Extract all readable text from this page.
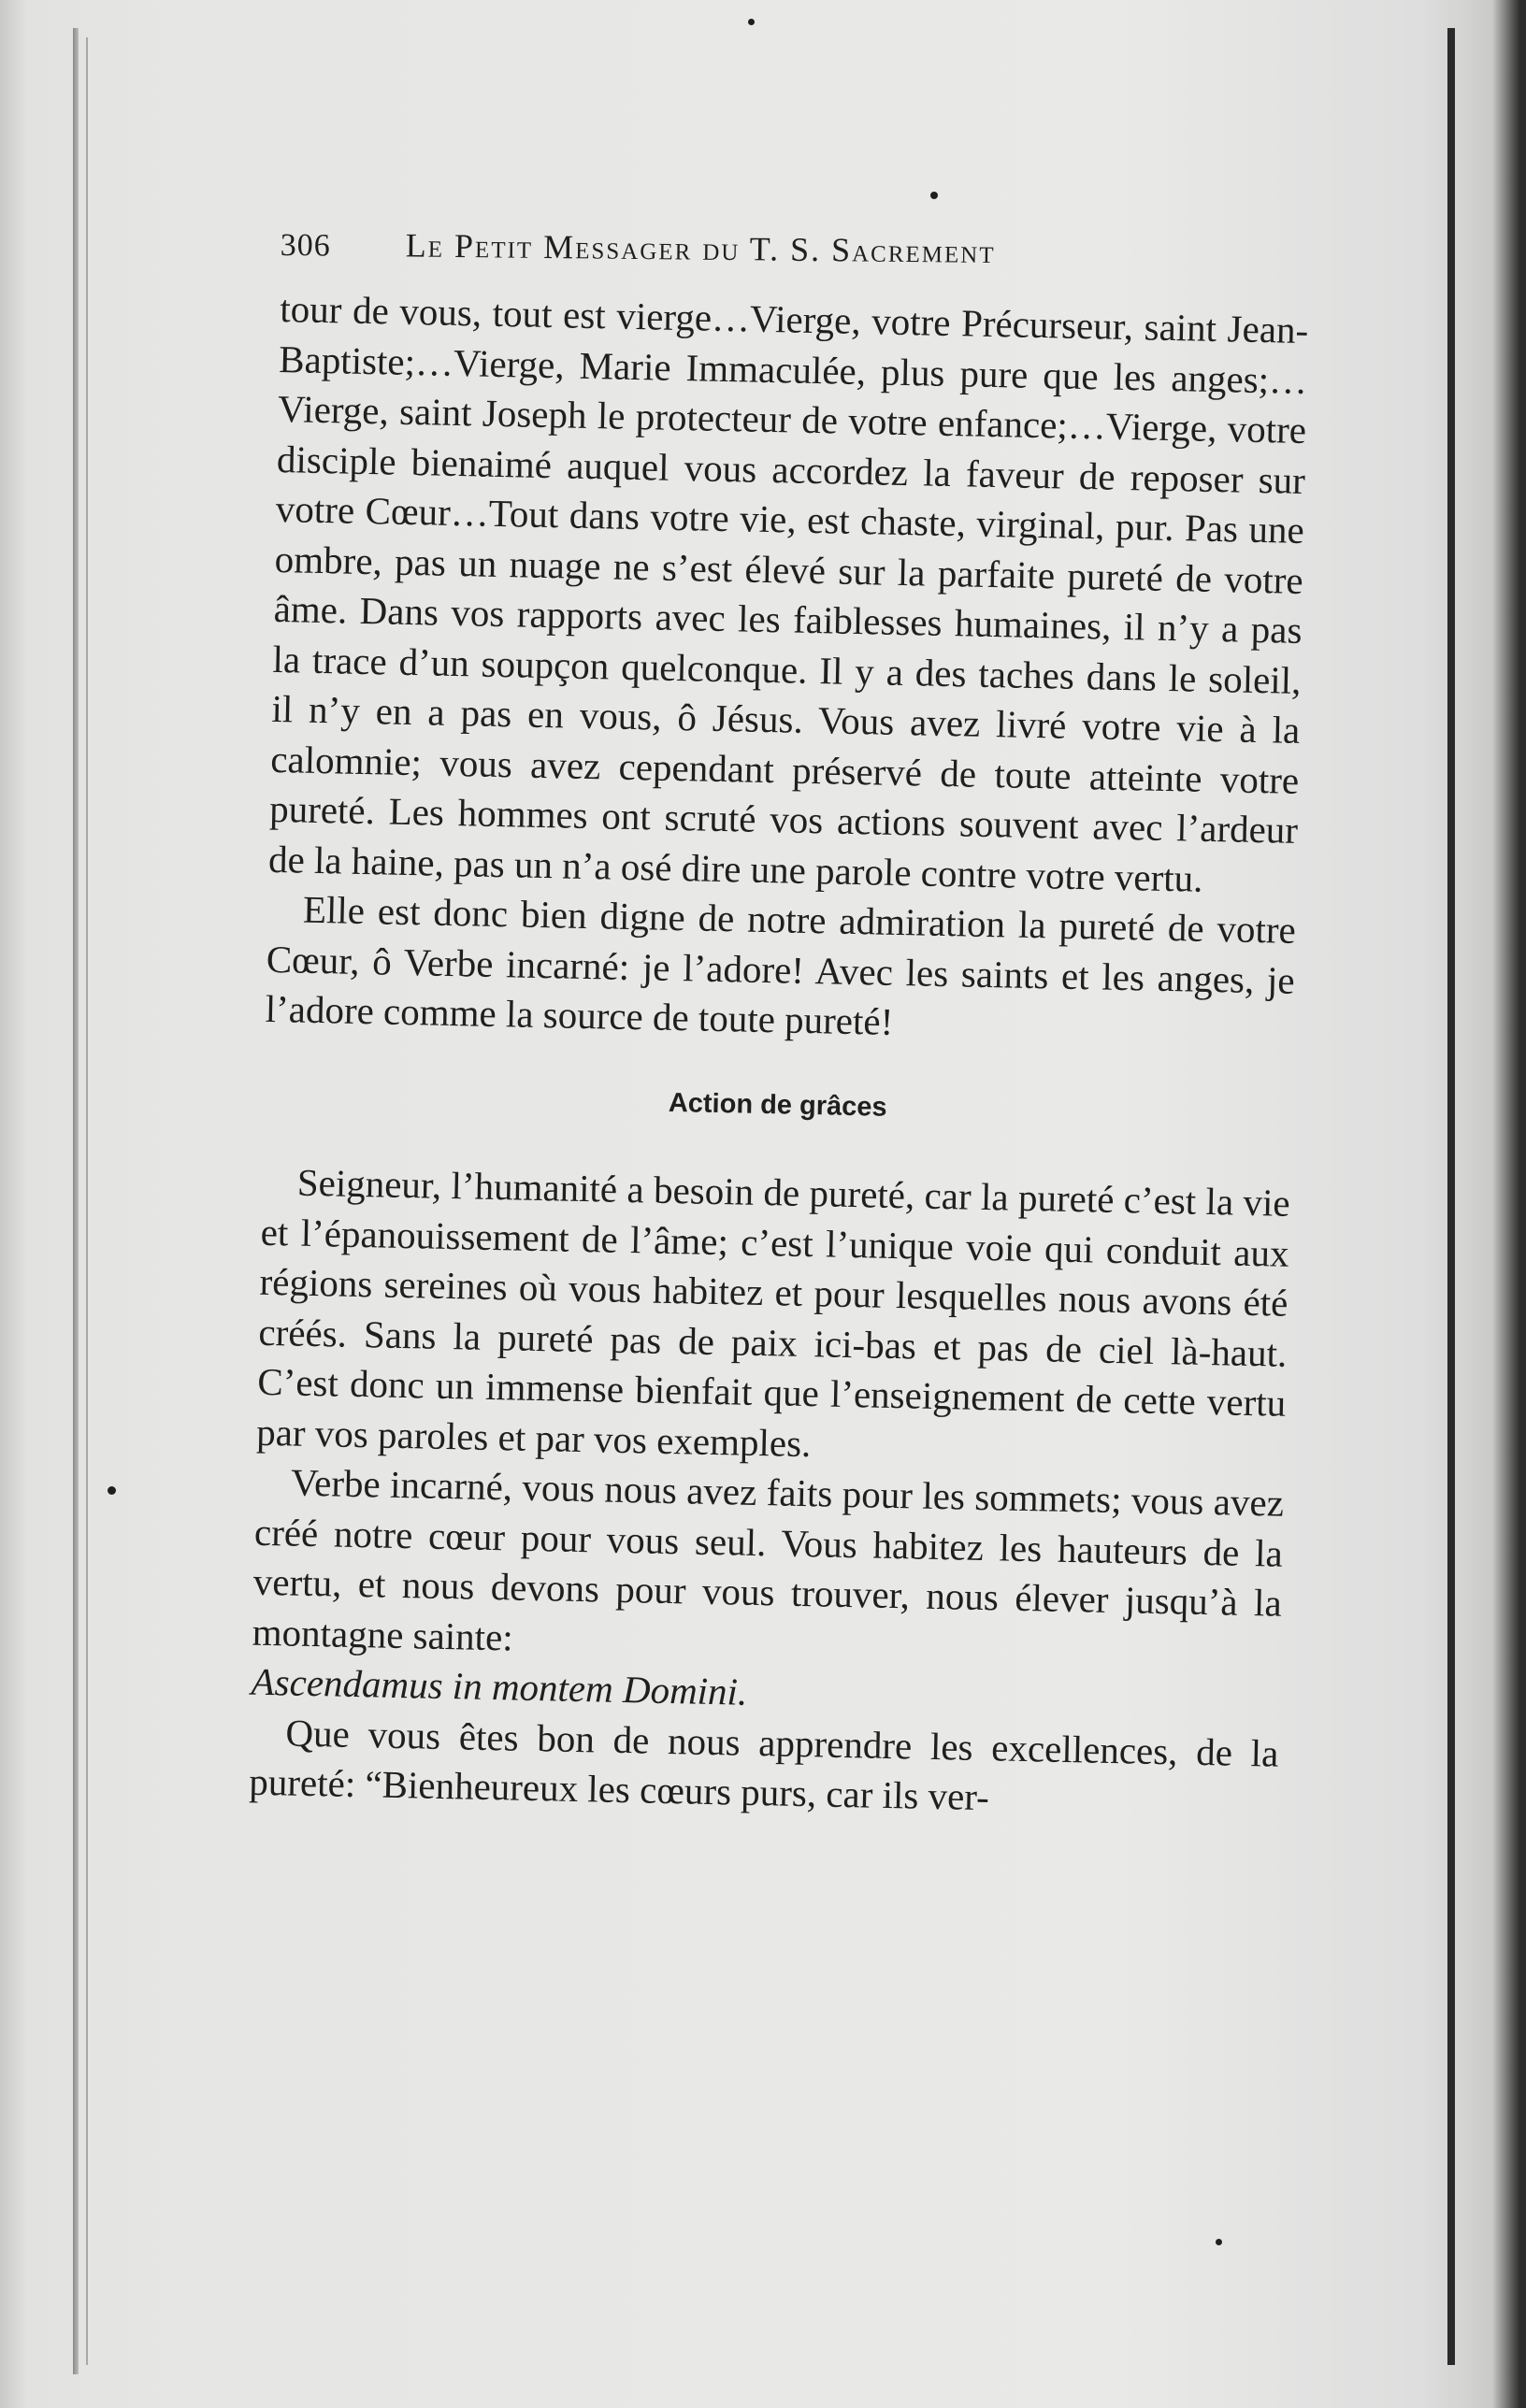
306 Le Petit Messager du T. S. Sacrement

tour de vous, tout est vierge…Vierge, votre Précurseur, saint Jean-Baptiste;…Vierge, Marie Immaculée, plus pure que les anges;…Vierge, saint Joseph le protecteur de votre enfance;…Vierge, votre disciple bienaimé auquel vous accordez la faveur de reposer sur votre Cœur…Tout dans votre vie, est chaste, virginal, pur. Pas une ombre, pas un nuage ne s’est élevé sur la parfaite pureté de votre âme. Dans vos rapports avec les faiblesses humaines, il n’y a pas la trace d’un soupçon quelconque. Il y a des taches dans le soleil, il n’y en a pas en vous, ô Jésus. Vous avez livré votre vie à la calomnie; vous avez cependant préservé de toute atteinte votre pureté. Les hommes ont scruté vos actions souvent avec l’ardeur de la haine, pas un n’a osé dire une parole contre votre vertu.

Elle est donc bien digne de notre admiration la pureté de votre Cœur, ô Verbe incarné: je l’adore! Avec les saints et les anges, je l’adore comme la source de toute pureté!

Action de grâces

Seigneur, l’humanité a besoin de pureté, car la pureté c’est la vie et l’épanouissement de l’âme; c’est l’unique voie qui conduit aux régions sereines où vous habitez et pour lesquelles nous avons été créés. Sans la pureté pas de paix ici-bas et pas de ciel là-haut. C’est donc un immense bienfait que l’enseignement de cette vertu par vos paroles et par vos exemples.

Verbe incarné, vous nous avez faits pour les sommets; vous avez créé notre cœur pour vous seul. Vous habitez les hauteurs de la vertu, et nous devons pour vous trouver, nous élever jusqu’à la montagne sainte:
Ascendamus in montem Domini.

Que vous êtes bon de nous apprendre les excellences, de la pureté: “Bienheureux les cœurs purs, car ils ver-
